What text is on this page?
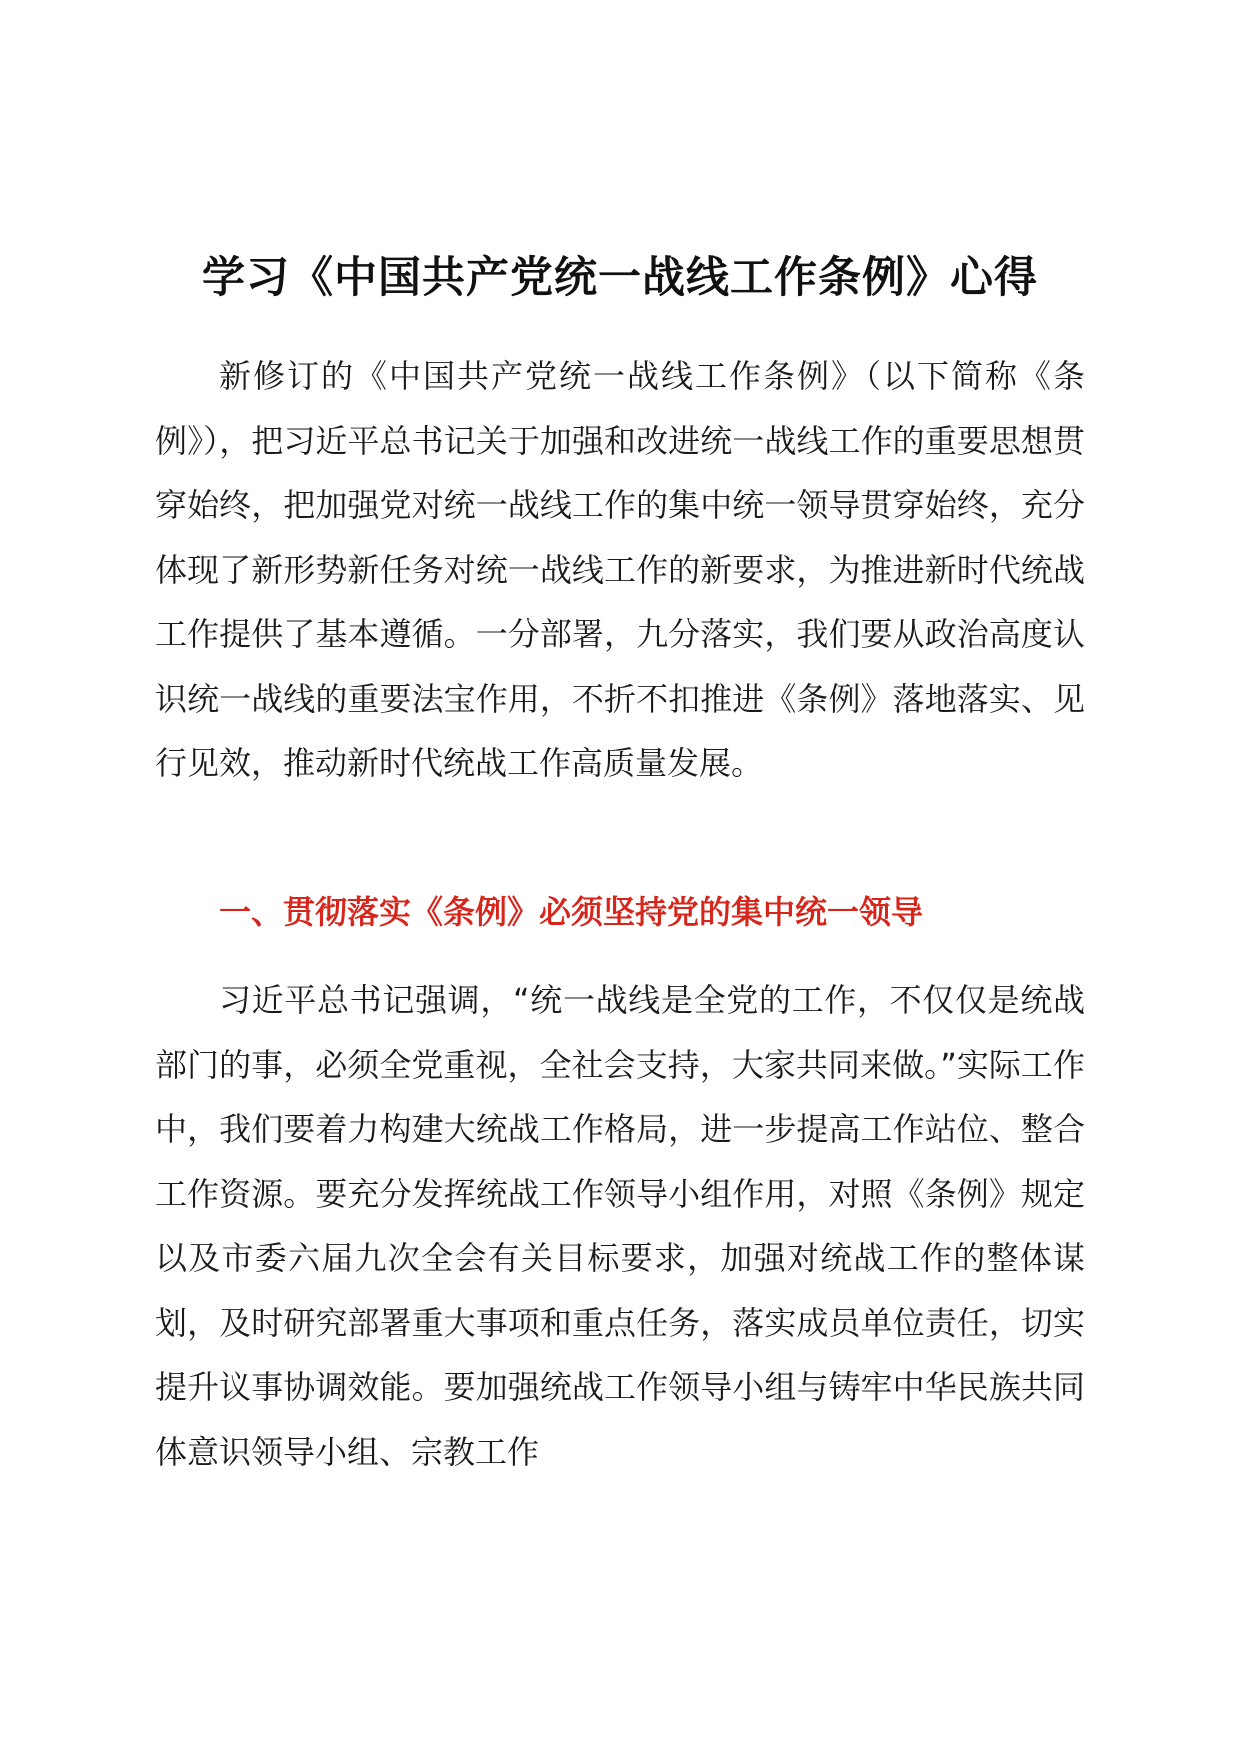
学习《中国共产党统一战线工作条例》心得

新修订的《中国共产党统一战线工作条例》（以下简称《条例》），把习近平总书记关于加强和改进统一战线工作的重要思想贯穿始终，把加强党对统一战线工作的集中统一领导贯穿始终，充分体现了新形势新任务对统一战线工作的新要求，为推进新时代统战工作提供了基本遵循。一分部署，九分落实，我们要从政治高度认识统一战线的重要法宝作用，不折不扣推进《条例》落地落实、见行见效，推动新时代统战工作高质量发展。

一、贯彻落实《条例》必须坚持党的集中统一领导

习近平总书记强调，“统一战线是全党的工作，不仅仅是统战部门的事，必须全党重视，全社会支持，大家共同来做。”实际工作中，我们要着力构建大统战工作格局，进一步提高工作站位、整合工作资源。要充分发挥统战工作领导小组作用，对照《条例》规定以及市委六届九次全会有关目标要求，加强对统战工作的整体谋划，及时研究部署重大事项和重点任务，落实成员单位责任，切实提升议事协调效能。要加强统战工作领导小组与铸牢中华民族共同体意识领导小组、宗教工作
